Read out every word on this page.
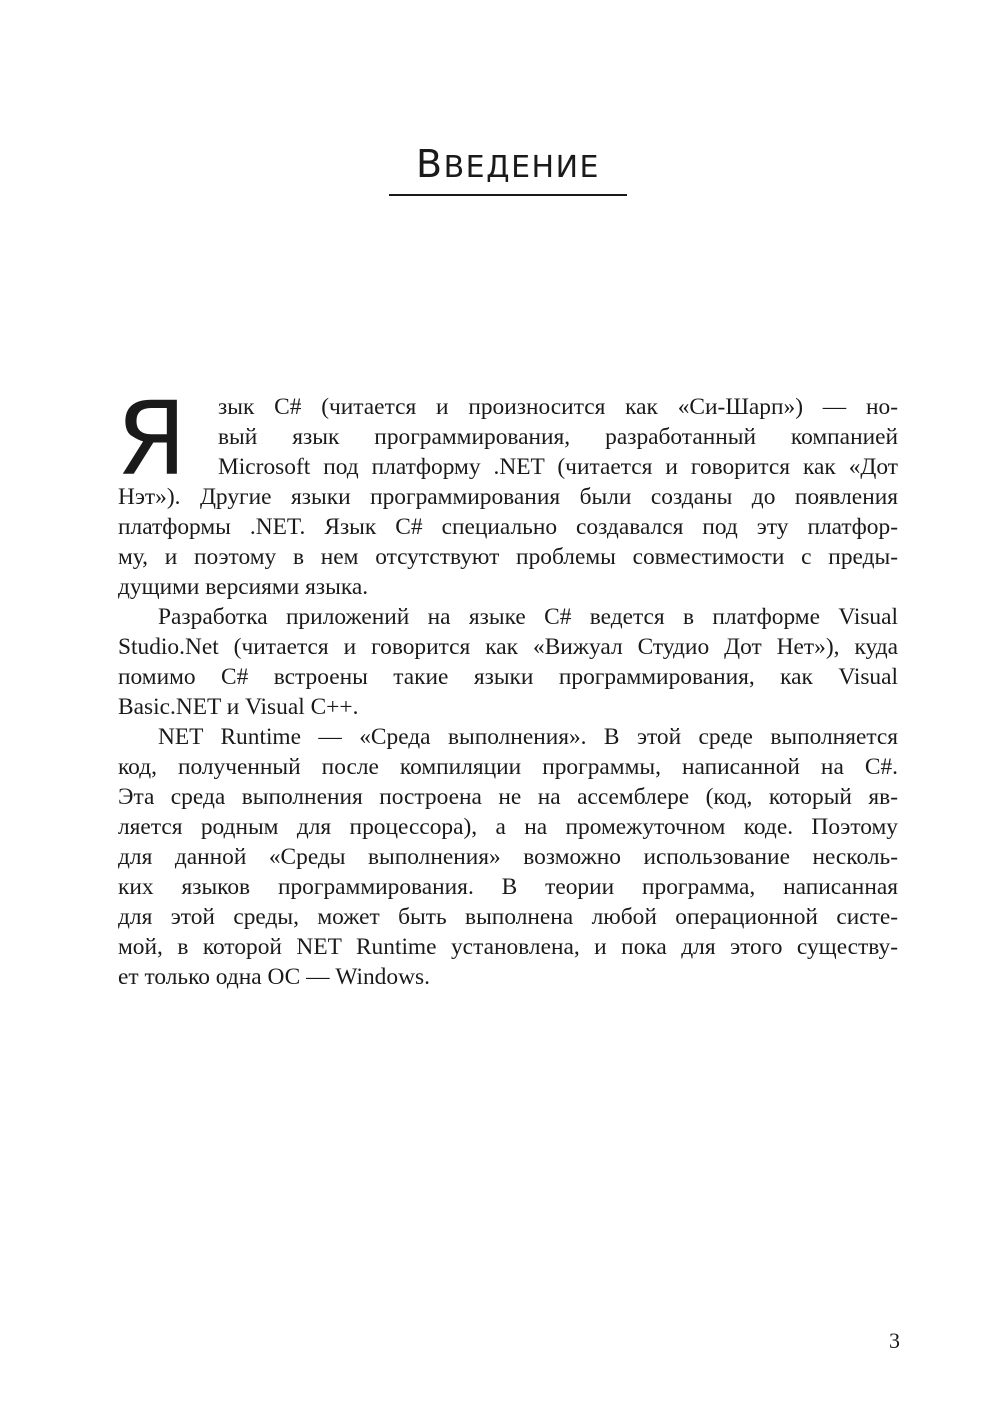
ВВЕДЕНИЕ
Я	зык C# (читается и произносится как «Си-Шарп») — но-
вый язык программирования, разработанный компанией
Microsoft под платформу .NET (читается и говорится как «Дот
Нэт»). Другие языки программирования были созданы до появления
платформы .NET. Язык C# специально создавался под эту платфор-
му, и поэтому в нем отсутствуют проблемы совместимости с преды-
дущими версиями языка.
Разработка приложений на языке C# ведется в платформе Visual
Studio.Net (читается и говорится как «Вижуал Студио Дот Нет»), куда
помимо C# встроены такие языки программирования, как Visual
Basic.NET и Visual C++.
NET Runtime — «Среда выполнения». В этой среде выполняется
код, полученный после компиляции программы, написанной на C#.
Эта среда выполнения построена не на ассемблере (код, который яв-
ляется родным для процессора), а на промежуточном коде. Поэтому
для данной «Среды выполнения» возможно использование несколь-
ких языков программирования. В теории программа, написанная
для этой среды, может быть выполнена любой операционной систе-
мой, в которой NET Runtime установлена, и пока для этого существу-
ет только одна ОС — Windows.
3
